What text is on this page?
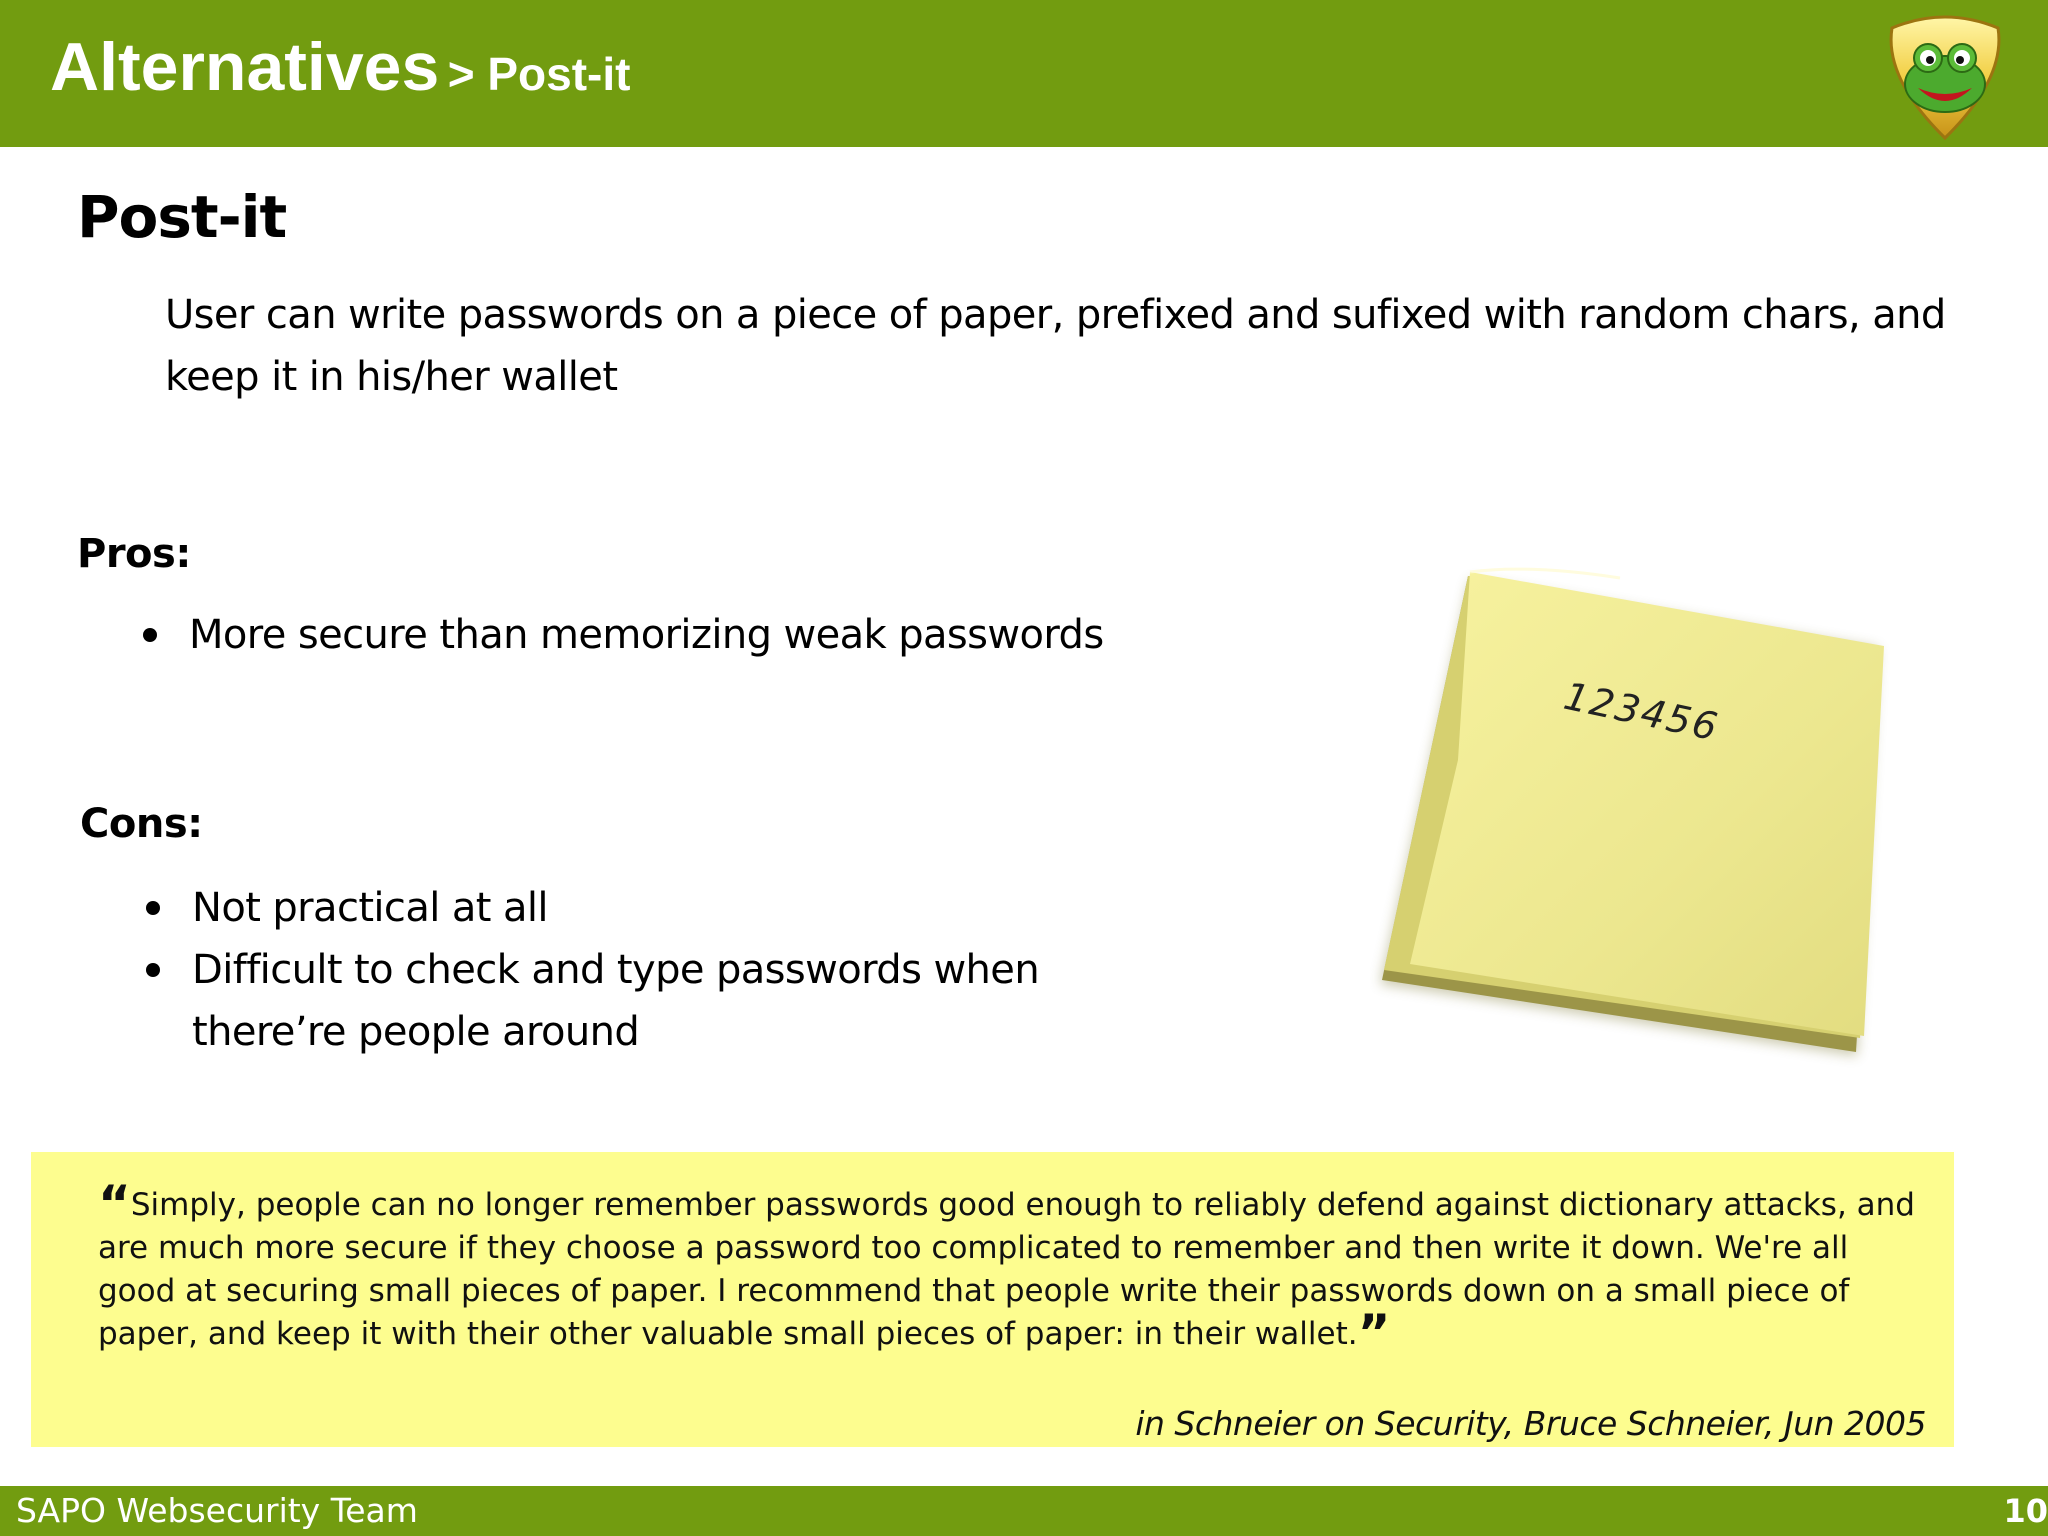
Alternatives > Post-it
Post-it

User can write passwords on a piece of paper, prefixed and sufixed with random chars, and keep it in his/her wallet

Pros:
More secure than memorizing weak passwords
Cons:
Not practical at all
Difficult to check and type passwords when there’re people around
123456

“Simply, people can no longer remember passwords good enough to reliably defend against dictionary attacks, and are much more secure if they choose a password too complicated to remember and then write it down. We're all good at securing small pieces of paper. I recommend that people write their passwords down on a small piece of paper, and keep it with their other valuable small pieces of paper: in their wallet.”

in Schneier on Security, Bruce Schneier, Jun 2005

SAPO Websecurity Team	10
